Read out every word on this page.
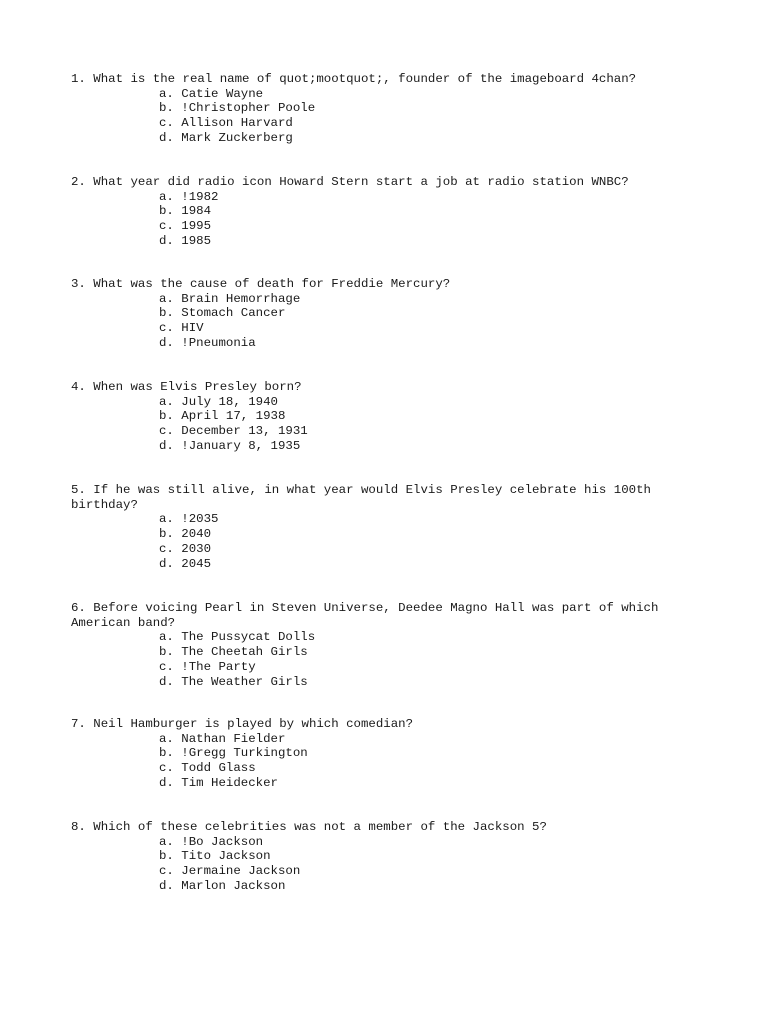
1. What is the real name of quot;mootquot;, founder of the imageboard 4chan?

a. Catie Wayne

b. !Christopher Poole

c. Allison Harvard

d. Mark Zuckerberg

2. What year did radio icon Howard Stern start a job at radio station WNBC?

a. !1982

b. 1984

c. 1995

d. 1985

3. What was the cause of death for Freddie Mercury?

a. Brain Hemorrhage

b. Stomach Cancer

c. HIV

d. !Pneumonia

4. When was Elvis Presley born?

a. July 18, 1940

b. April 17, 1938

c. December 13, 1931

d. !January 8, 1935

5. If he was still alive, in what year would Elvis Presley celebrate his 100th birthday?

a. !2035

b. 2040

c. 2030

d. 2045

6. Before voicing Pearl in Steven Universe, Deedee Magno Hall was part of which American band?

a. The Pussycat Dolls

b. The Cheetah Girls

c. !The Party

d. The Weather Girls

7. Neil Hamburger is played by which comedian?

a. Nathan Fielder

b. !Gregg Turkington

c. Todd Glass

d. Tim Heidecker

8. Which of these celebrities was not a member of the Jackson 5?

a. !Bo Jackson

b. Tito Jackson

c. Jermaine Jackson

d. Marlon Jackson
